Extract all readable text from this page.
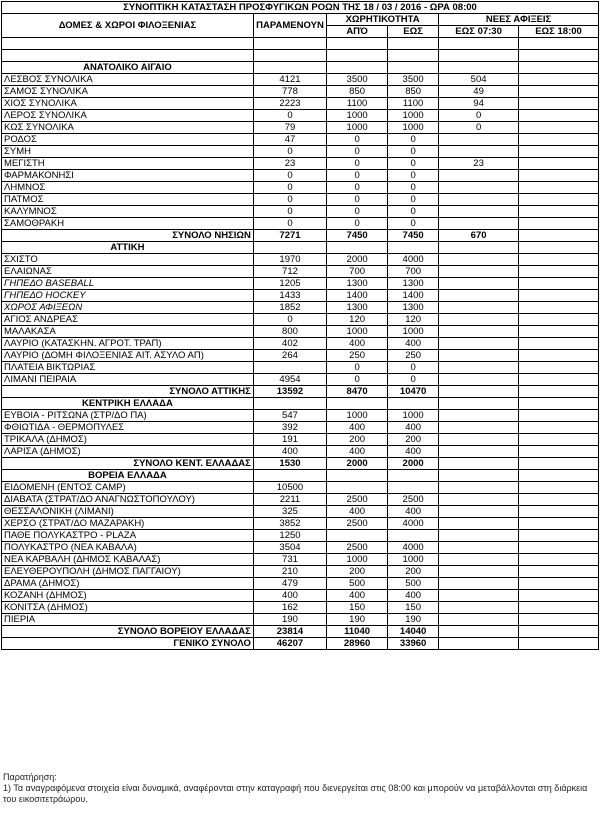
ΣΥΝΟΠΤΙΚΗ ΚΑΤΑΣΤΑΣΗ ΠΡΟΣΦΥΓΙΚΩΝ ΡΟΩΝ ΤΗΣ 18 / 03 / 2016 - ΩΡΑ 08:00					
ΔΟΜΕΣ & ΧΩΡΟΙ ΦΙΛΟΞΕΝΙΑΣ	ΠΑΡΑΜΕΝΟΥΝ	ΧΩΡΗΤΙΚΟΤΗΤΑ		ΝΕΕΣ ΑΦΙΞΕΙΣ	
		ΑΠΌ	ΕΩΣ	ΕΩΣ 07:30	ΕΩΣ 18:00

ΑΝΑΤΟΛΙΚΟ ΑΙΓΑΙΟ					
ΛΕΣΒΟΣ ΣΥΝΟΛΙΚΑ	4121	3500	3500	504	
ΣΑΜΟΣ ΣΥΝΟΛΙΚΑ	778	850	850	49	
ΧΙΟΣ ΣΥΝΟΛΙΚΑ	2223	1100	1100	94	
ΛΕΡΟΣ ΣΥΝΟΛΙΚΑ	0	1000	1000	0	
ΚΩΣ ΣΥΝΟΛΙΚΑ	79	1000	1000	0	
ΡΟΔΟΣ	47	0	0		
ΣΥΜΗ	0	0	0		
ΜΕΓΙΣΤΗ	23	0	0	23	
ΦΑΡΜΑΚΟΝΗΣΙ	0	0	0		
ΛΗΜΝΟΣ	0	0	0		
ΠΑΤΜΟΣ	0	0	0		
ΚΑΛΥΜΝΟΣ	0	0	0		
ΣΑΜΟΘΡΑΚΗ	0	0	0		
ΣΥΝΟΛΟ ΝΗΣΙΩΝ	7271	7450	7450	670	
ΑΤΤΙΚΗ					
ΣΧΙΣΤΟ	1970	2000	4000		
ΕΛΑΙΩΝΑΣ	712	700	700		
ΓΗΠΕΔΟ BASEBALL	1205	1300	1300		
ΓΗΠΕΔΟ HOCKEY	1433	1400	1400		
ΧΩΡΟΣ ΑΦΙΞΕΩΝ	1852	1300	1300		
ΑΓΙΟΣ ΑΝΔΡΕΑΣ	0	120	120		
ΜΑΛΑΚΑΣΑ	800	1000	1000		
ΛΑΥΡΙΟ (ΚΑΤΑΣΚΗΝ. ΑΓΡΟΤ. ΤΡΑΠ)	402	400	400		
ΛΑΥΡΙΟ (ΔΟΜΗ ΦΙΛΟΞΕΝΙΑΣ ΑΙΤ. ΑΣΥΛΟ ΑΠ)	264	250	250		
ΠΛΑΤΕΙΑ ΒΙΚΤΩΡΙΑΣ		0	0		
ΛΙΜΑΝΙ ΠΕΙΡΑΙΑ	4954	0	0		
ΣΥΝΟΛΟ ΑΤΤΙΚΗΣ	13592	8470	10470		
ΚΕΝΤΡΙΚΗ ΕΛΛΑΔΑ					
ΕΥΒΟΙΑ - ΡΙΤΣΩΝΑ (ΣΤΡ/ΔΟ ΠΑ)	547	1000	1000		
ΦΘΙΩΤΙΔΑ - ΘΕΡΜΟΠΥΛΕΣ	392	400	400		
ΤΡΙΚΑΛΑ (ΔΗΜΟΣ)	191	200	200		
ΛΑΡΙΣΑ (ΔΗΜΟΣ)	400	400	400		
ΣΥΝΟΛΟ ΚΕΝΤ. ΕΛΛΑΔΑΣ	1530	2000	2000		
ΒΟΡΕΙΑ ΕΛΛΑΔΑ					
ΕΙΔΟΜΕΝΗ (ΕΝΤΟΣ CAMP)	10500				
ΔΙΑΒΑΤΑ (ΣΤΡΑΤ/ΔΟ ΑΝΑΓΝΩΣΤΟΠΟΥΛΟΥ)	2211	2500	2500		
ΘΕΣΣΑΛΟΝΙΚΗ (ΛΙΜΑΝΙ)	325	400	400		
ΧΕΡΣΟ (ΣΤΡΑΤ/ΔΟ ΜΑΖΑΡΑΚΗ)	3852	2500	4000		
ΠΑΘΕ ΠΟΛΥΚΑΣΤΡΟ - PLAZA	1250				
ΠΟΛΥΚΑΣΤΡΟ (ΝΕΑ ΚΑΒΑΛΑ)	3504	2500	4000		
ΝΕΑ ΚΑΡΒΑΛΗ (ΔΗΜΟΣ ΚΑΒΑΛΑΣ)	731	1000	1000		
ΕΛΕΥΘΕΡΟΥΠΟΛΗ (ΔΗΜΟΣ ΠΑΓΓΑΙΟΥ)	210	200	200		
ΔΡΑΜΑ (ΔΗΜΟΣ)	479	500	500		
ΚΟΖΑΝΗ (ΔΗΜΟΣ)	400	400	400		
ΚΟΝΙΤΣΑ (ΔΗΜΟΣ)	162	150	150		
ΠΙΕΡΙΑ	190	190	190		
ΣΥΝΟΛΟ ΒΟΡΕΙΟΥ ΕΛΛΑΔΑΣ	23814	11040	14040		
ΓΕΝΙΚΟ ΣΥΝΟΛΟ	46207	28960	33960		
Παρατήρηση:
1) Τα αναγραφόμενα στοιχεία είναι δυναμικά, αναφέρονται στην καταγραφή που διενεργείται στις 08:00 και μπορούν να μεταβάλλονται στη διάρκεια του εικοσιτετράωρου.
